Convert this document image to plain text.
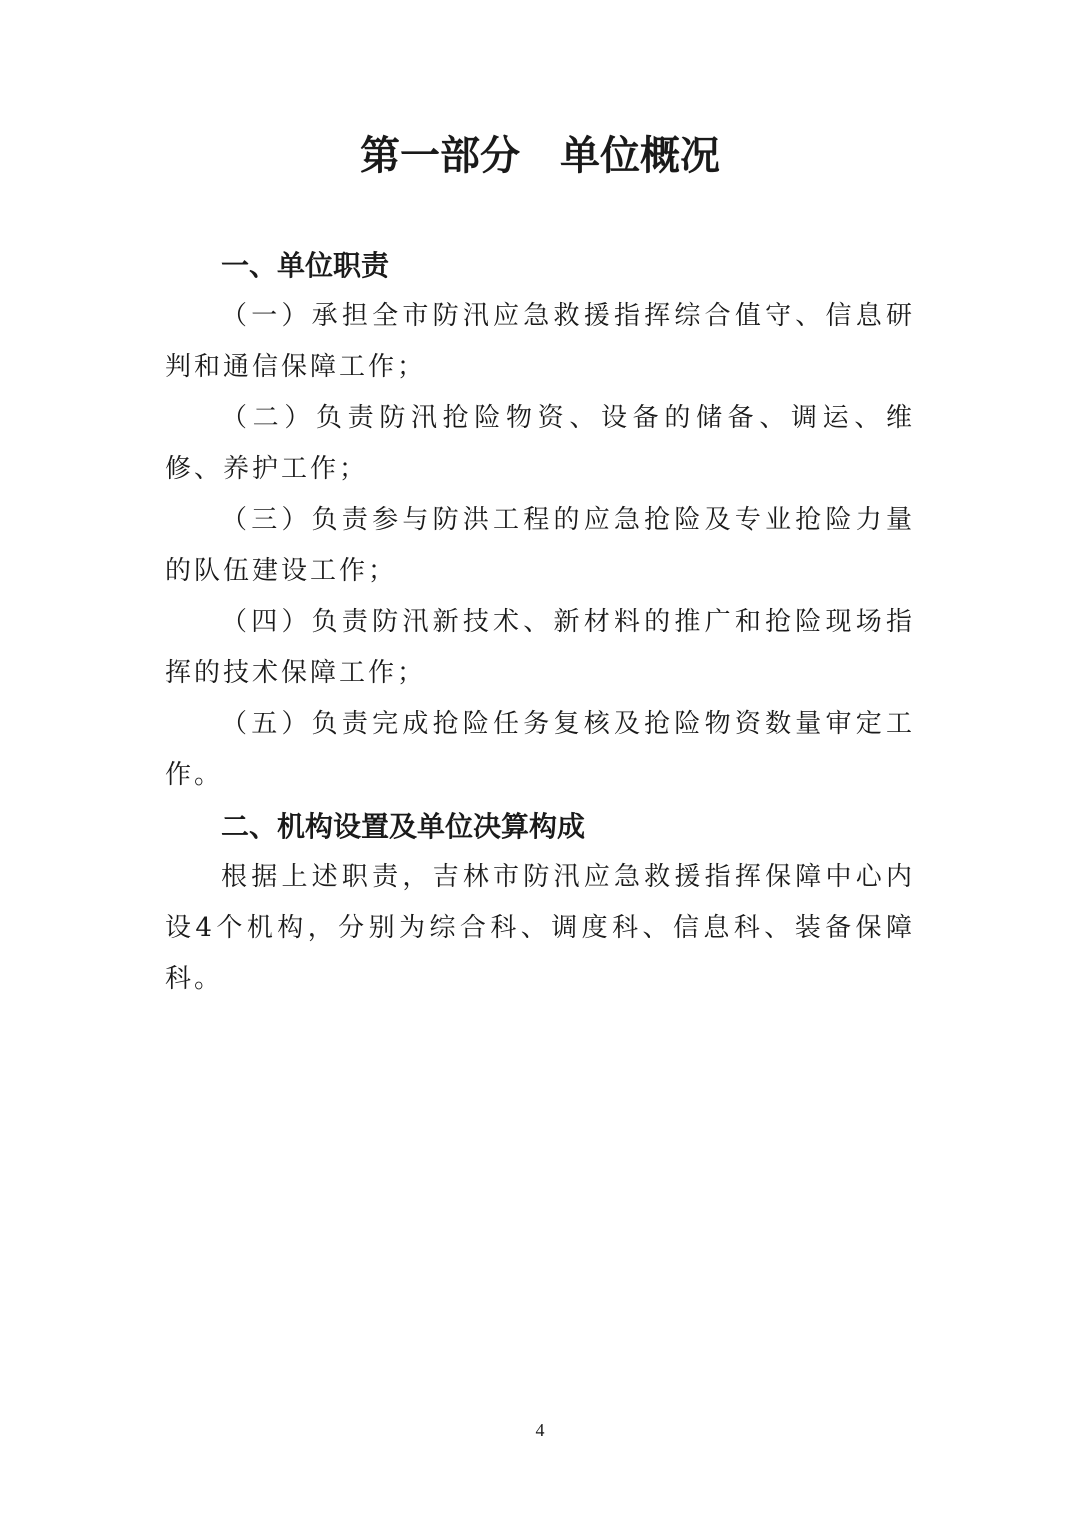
第一部分　单位概况
一、单位职责

（一）承担全市防汛应急救援指挥综合值守、信息研判和通信保障工作；

（二）负责防汛抢险物资、设备的储备、调运、维修、养护工作；

（三）负责参与防洪工程的应急抢险及专业抢险力量的队伍建设工作；

（四）负责防汛新技术、新材料的推广和抢险现场指挥的技术保障工作；

（五）负责完成抢险任务复核及抢险物资数量审定工作。

二、机构设置及单位决算构成

根据上述职责，吉林市防汛应急救援指挥保障中心内设4个机构，分别为综合科、调度科、信息科、装备保障科。

4
